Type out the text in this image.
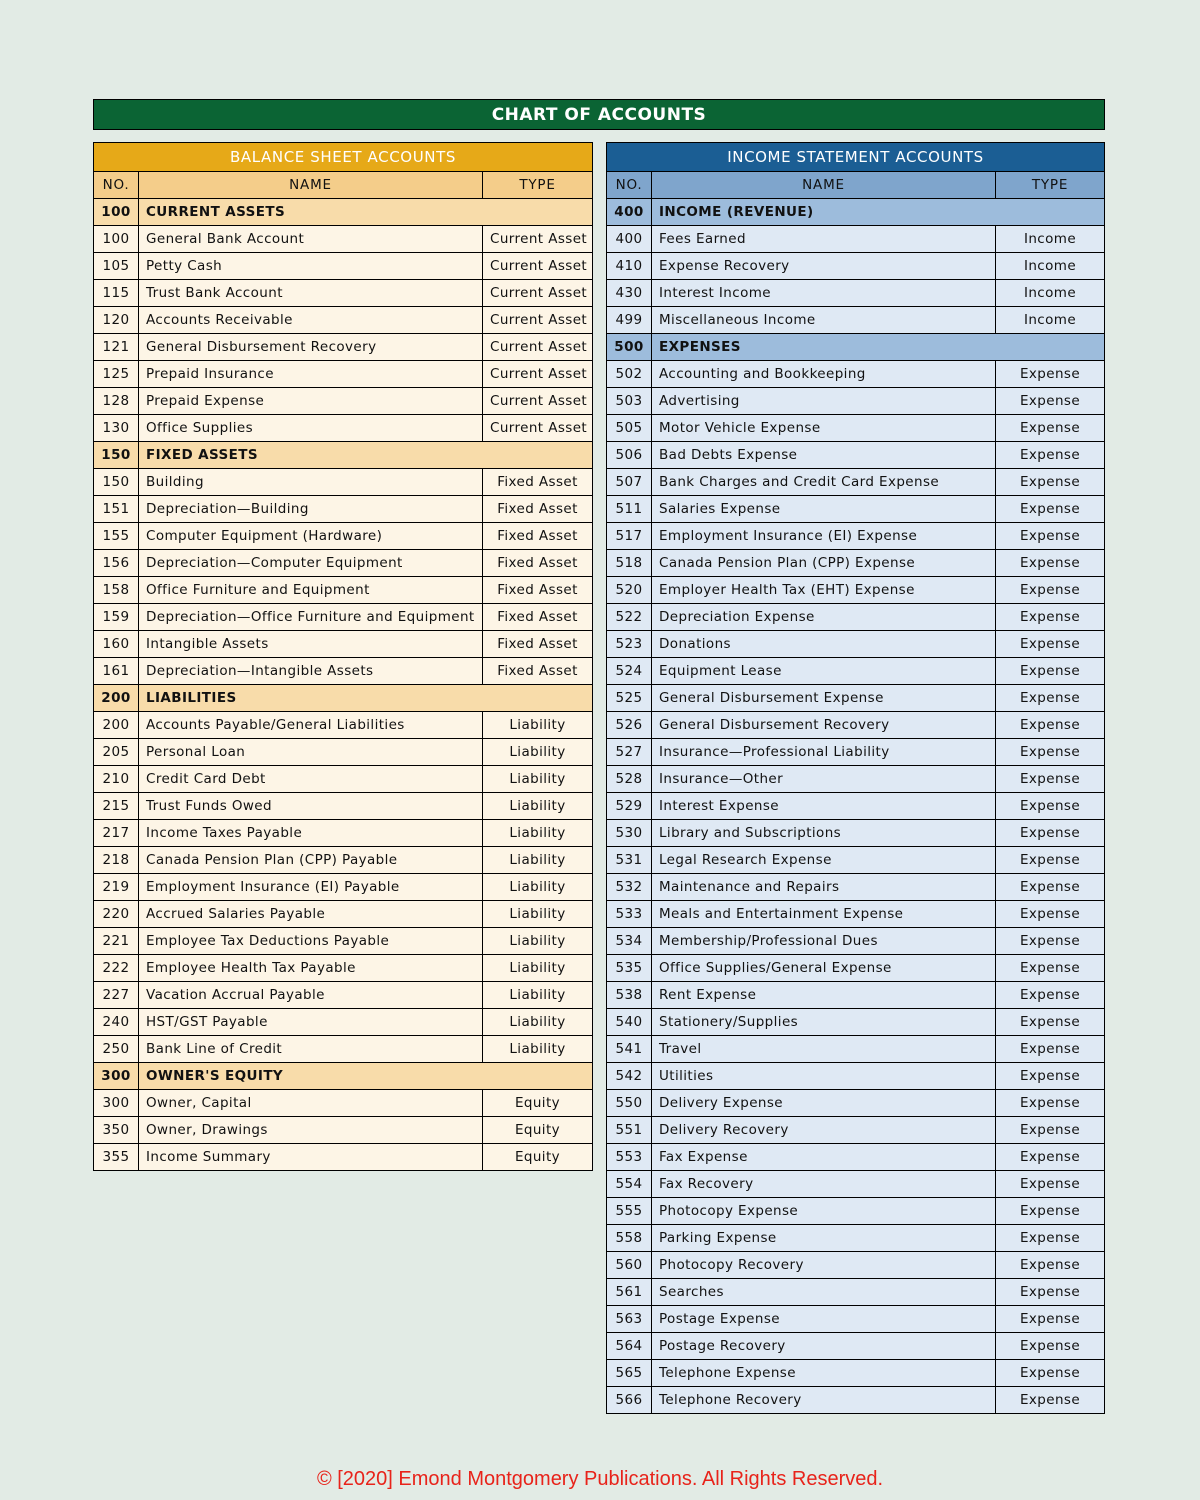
CHART OF ACCOUNTS
BALANCE SHEET ACCOUNTS		
NO.	NAME	TYPE
100	CURRENT ASSETS	
100	General Bank Account	Current Asset
105	Petty Cash	Current Asset
115	Trust Bank Account	Current Asset
120	Accounts Receivable	Current Asset
121	General Disbursement Recovery	Current Asset
125	Prepaid Insurance	Current Asset
128	Prepaid Expense	Current Asset
130	Office Supplies	Current Asset
150	FIXED ASSETS	
150	Building	Fixed Asset
151	Depreciation—Building	Fixed Asset
155	Computer Equipment (Hardware)	Fixed Asset
156	Depreciation—Computer Equipment	Fixed Asset
158	Office Furniture and Equipment	Fixed Asset
159	Depreciation—Office Furniture and Equipment	Fixed Asset
160	Intangible Assets	Fixed Asset
161	Depreciation—Intangible Assets	Fixed Asset
200	LIABILITIES	
200	Accounts Payable/General Liabilities	Liability
205	Personal Loan	Liability
210	Credit Card Debt	Liability
215	Trust Funds Owed	Liability
217	Income Taxes Payable	Liability
218	Canada Pension Plan (CPP) Payable	Liability
219	Employment Insurance (EI) Payable	Liability
220	Accrued Salaries Payable	Liability
221	Employee Tax Deductions Payable	Liability
222	Employee Health Tax Payable	Liability
227	Vacation Accrual Payable	Liability
240	HST/GST Payable	Liability
250	Bank Line of Credit	Liability
300	OWNER'S EQUITY	
300	Owner, Capital	Equity
350	Owner, Drawings	Equity
355	Income Summary	Equity
INCOME STATEMENT ACCOUNTS		
NO.	NAME	TYPE
400	INCOME (REVENUE)	
400	Fees Earned	Income
410	Expense Recovery	Income
430	Interest Income	Income
499	Miscellaneous Income	Income
500	EXPENSES	
502	Accounting and Bookkeeping	Expense
503	Advertising	Expense
505	Motor Vehicle Expense	Expense
506	Bad Debts Expense	Expense
507	Bank Charges and Credit Card Expense	Expense
511	Salaries Expense	Expense
517	Employment Insurance (EI) Expense	Expense
518	Canada Pension Plan (CPP) Expense	Expense
520	Employer Health Tax (EHT) Expense	Expense
522	Depreciation Expense	Expense
523	Donations	Expense
524	Equipment Lease	Expense
525	General Disbursement Expense	Expense
526	General Disbursement Recovery	Expense
527	Insurance—Professional Liability	Expense
528	Insurance—Other	Expense
529	Interest Expense	Expense
530	Library and Subscriptions	Expense
531	Legal Research Expense	Expense
532	Maintenance and Repairs	Expense
533	Meals and Entertainment Expense	Expense
534	Membership/Professional Dues	Expense
535	Office Supplies/General Expense	Expense
538	Rent Expense	Expense
540	Stationery/Supplies	Expense
541	Travel	Expense
542	Utilities	Expense
550	Delivery Expense	Expense
551	Delivery Recovery	Expense
553	Fax Expense	Expense
554	Fax Recovery	Expense
555	Photocopy Expense	Expense
558	Parking Expense	Expense
560	Photocopy Recovery	Expense
561	Searches	Expense
563	Postage Expense	Expense
564	Postage Recovery	Expense
565	Telephone Expense	Expense
566	Telephone Recovery	Expense
© [2020] Emond Montgomery Publications. All Rights Reserved.
